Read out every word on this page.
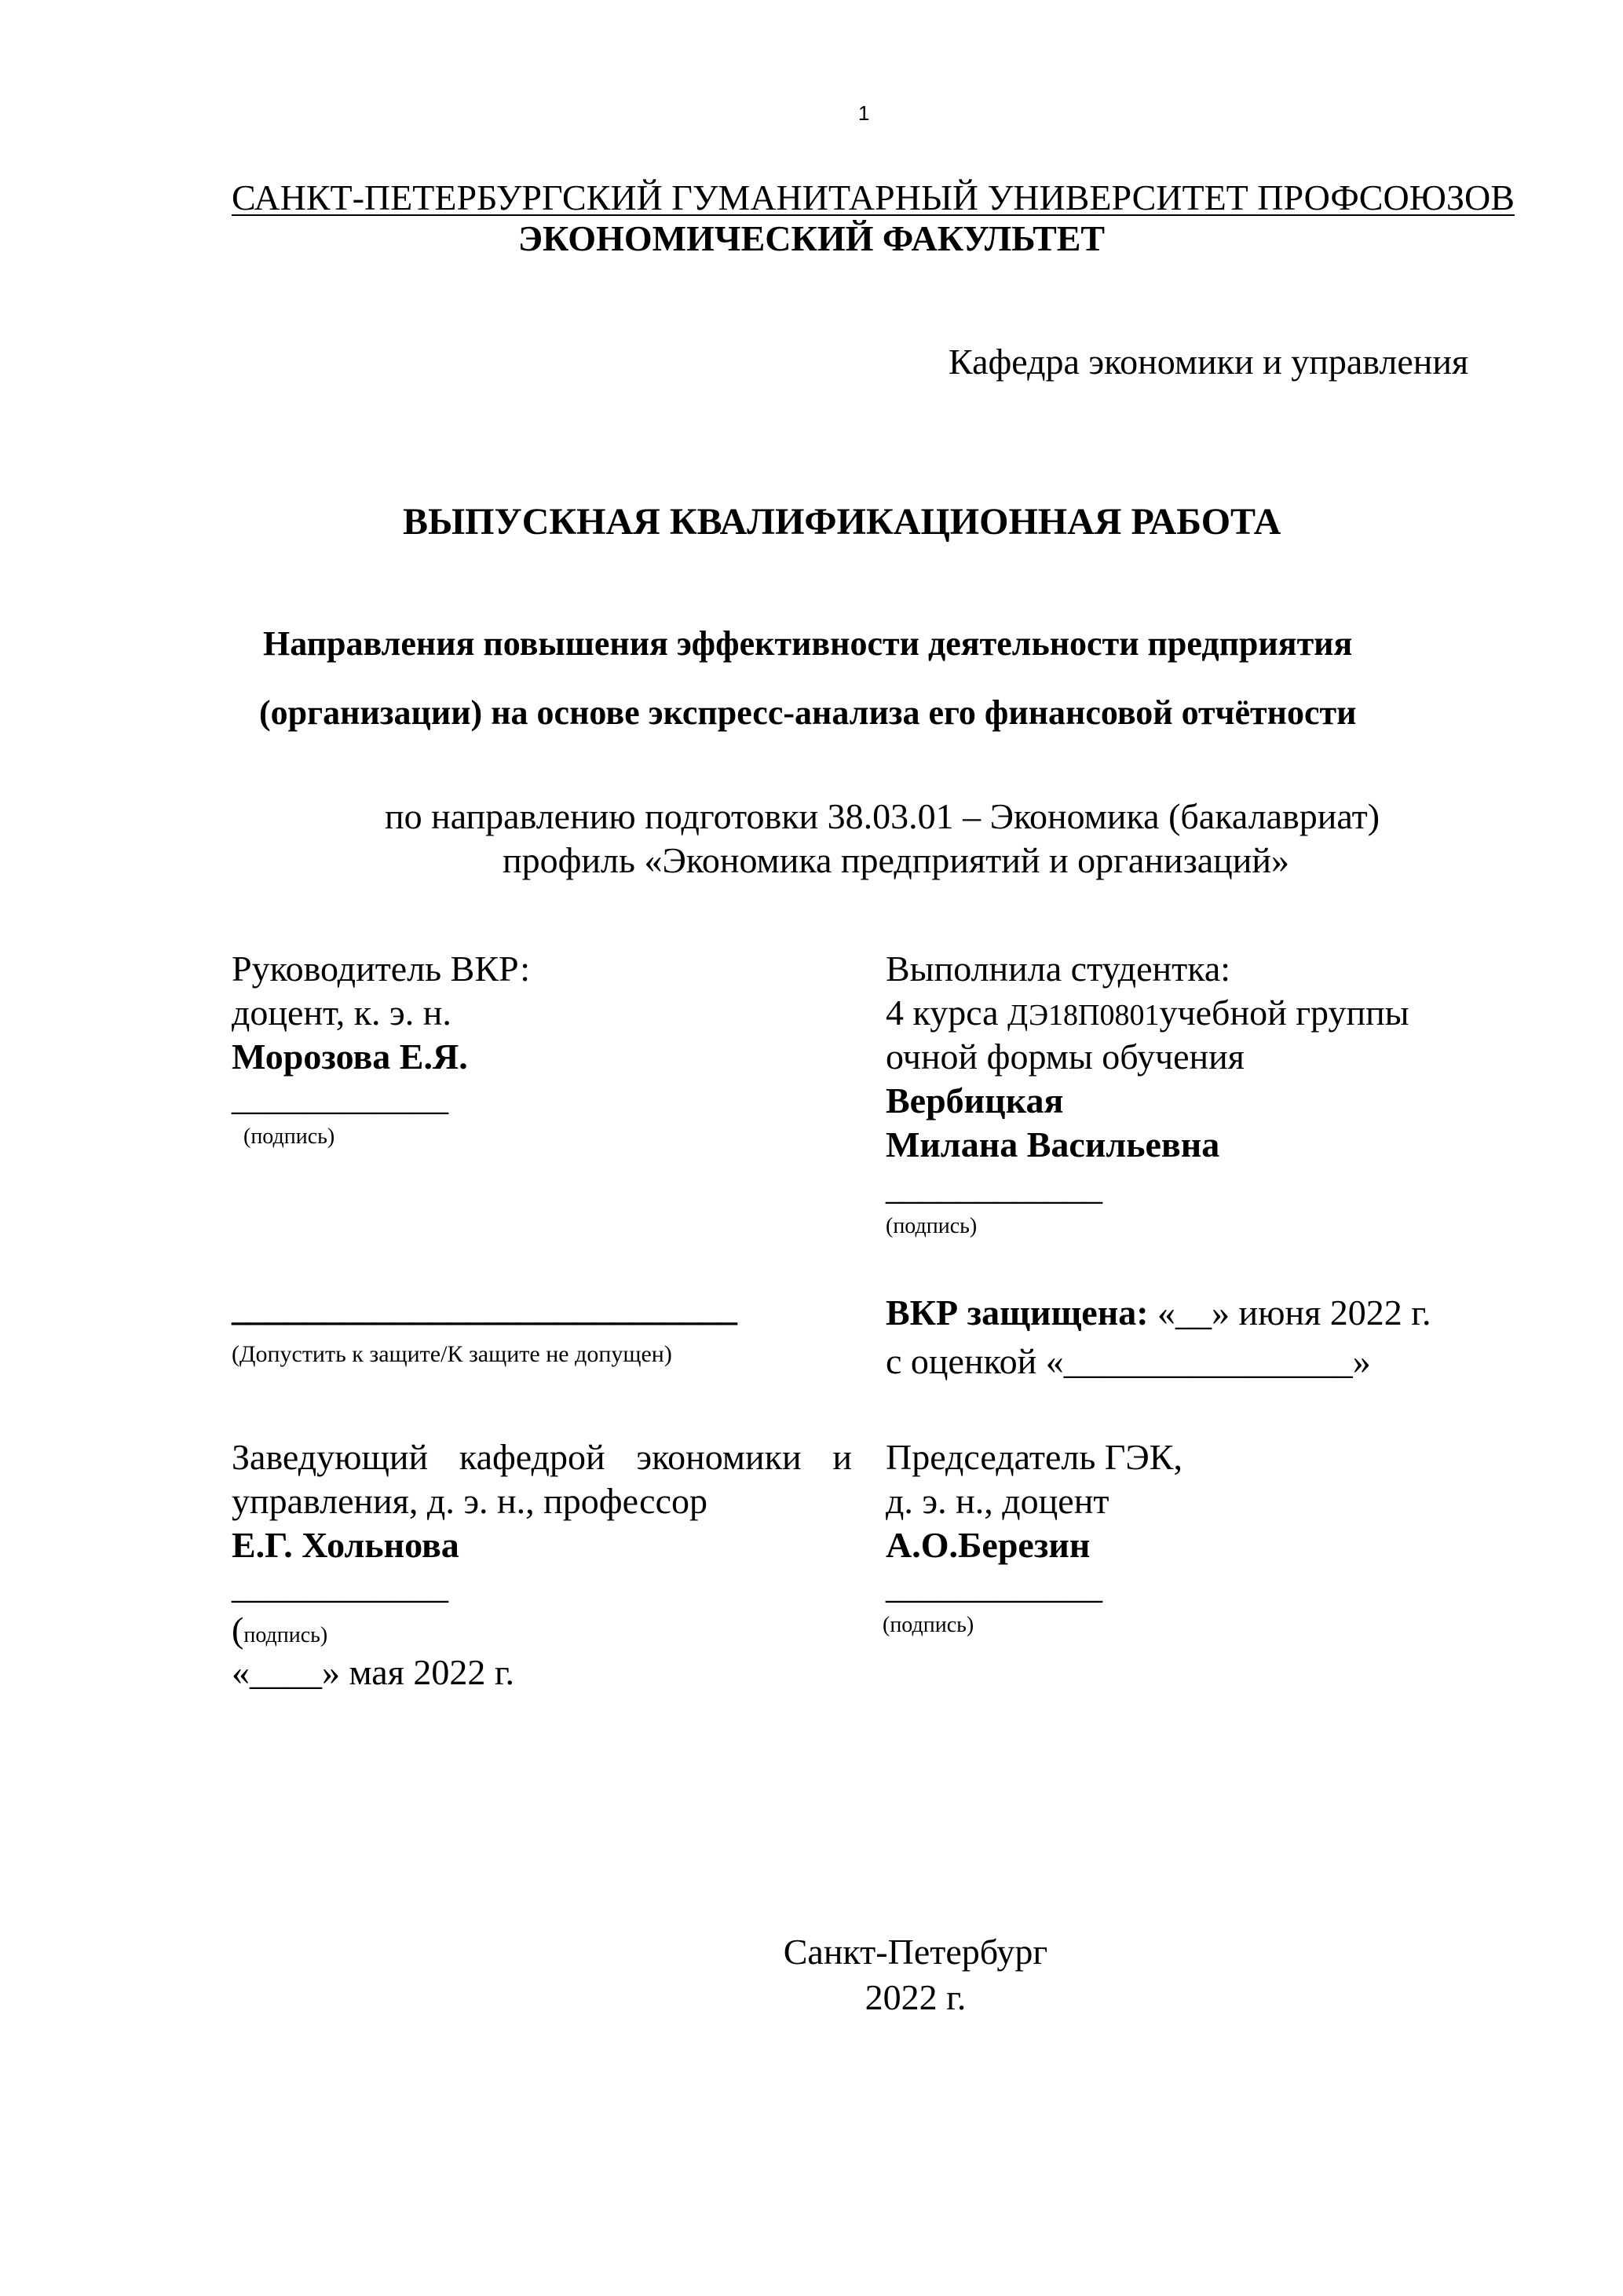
1
САНКТ-ПЕТЕРБУРГСКИЙ ГУМАНИТАРНЫЙ УНИВЕРСИТЕТ ПРОФСОЮЗОВ
ЭКОНОМИЧЕСКИЙ ФАКУЛЬТЕТ
Кафедра экономики и управления
ВЫПУСКНАЯ КВАЛИФИКАЦИОННАЯ РАБОТА
Направления повышения эффективности деятельности предприятия
(организации) на основе экспресс-анализа его финансовой отчётности
по направлению подготовки 38.03.01 – Экономика (бакалавриат)
профиль «Экономика предприятий и организаций»
Руководитель ВКР:
доцент, к. э. н.
Морозова Е.Я.
____________
(подпись)
Выполнила студентка:
4 курса ДЭ18П0801учебной группы
очной формы обучения
Вербицкая
Милана Васильевна
____________
(подпись)
____________________________
(Допустить к защите/К защите не допущен)
ВКР защищена: «__» июня 2022 г.
с оценкой «________________»
Заведующий кафедрой экономики и
управления, д. э. н., профессор
Е.Г. Хольнова
____________
(подпись)
«____» мая 2022 г.
Председатель ГЭК,
д. э. н., доцент
А.О.Березин
____________
(подпись)
Санкт-Петербург
2022 г.
